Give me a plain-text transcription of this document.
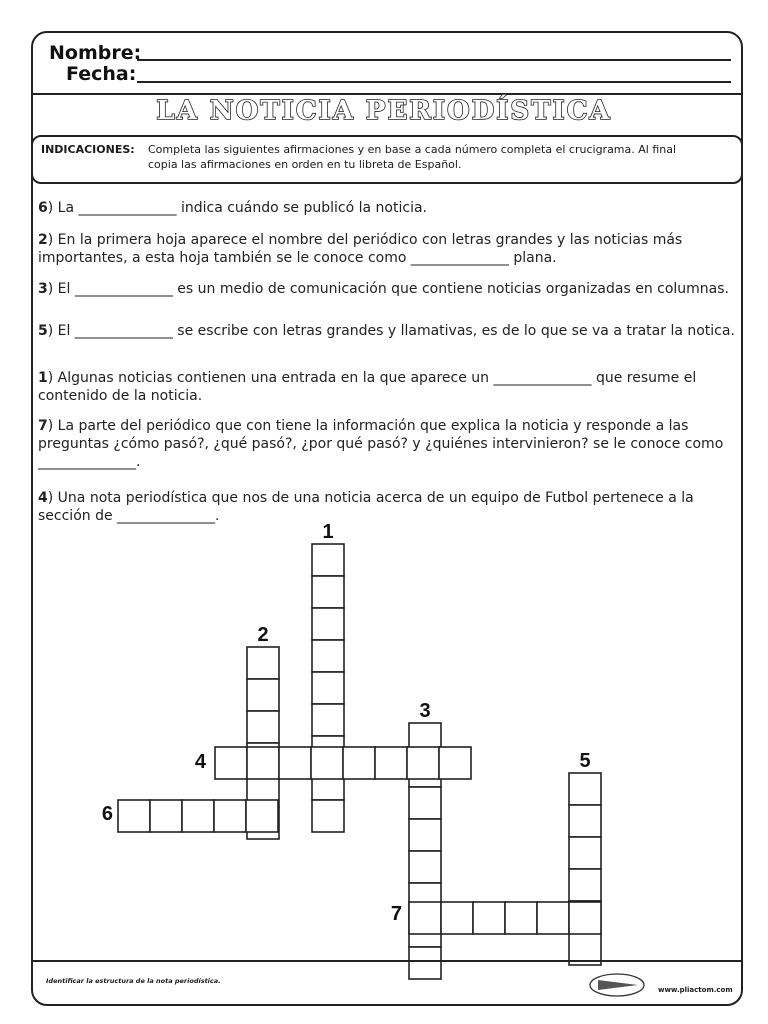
Nombre:
Fecha:
LA NOTICIA PERIODÍSTICA
INDICACIONES: Completa las siguientes afirmaciones y en base a cada número completa el crucigrama. Al final copia las afirmaciones en orden en tu libreta de Español.
6) La ______________ indica cuándo se publicó la noticia.
2) En la primera hoja aparece el nombre del periódico con letras grandes y las noticias más importantes, a esta hoja también se le conoce como ______________ plana.
3) El ______________ es un medio de comunicación que contiene noticias organizadas en columnas.
5) El ______________ se escribe con letras grandes y llamativas, es de lo que se va a tratar la notica.
1) Algunas noticias contienen una entrada en la que aparece un ______________ que resume el contenido de la noticia.
7) La parte del periódico que con tiene la información que explica la noticia y responde a las preguntas ¿cómo pasó?, ¿qué pasó?, ¿por qué pasó? y ¿quiénes intervinieron? se le conoce como ______________.
4) Una nota periodística que nos de una noticia acerca de un equipo de Futbol pertenece a la sección de ______________.
1
2
3
4	5
6
7
Identificar la estructura de la nota periodística.
www.pliactom.com
